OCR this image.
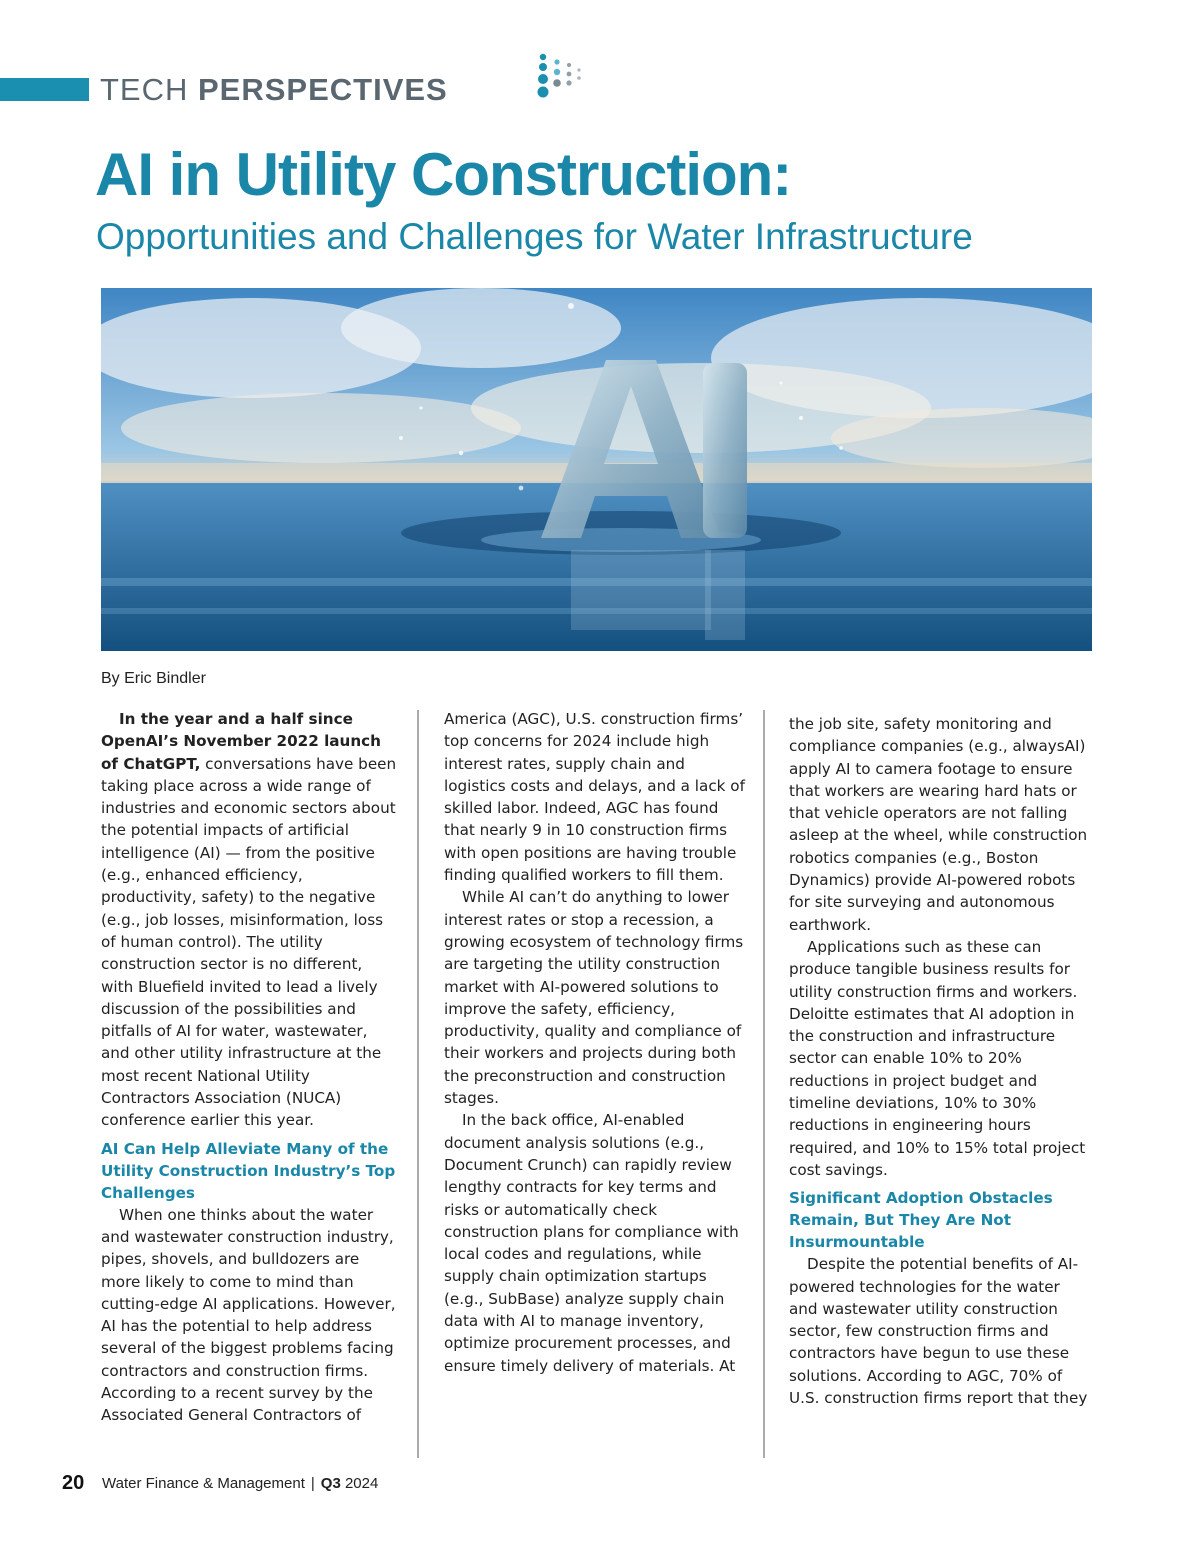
TECH PERSPECTIVES
AI in Utility Construction:
Opportunities and Challenges for Water Infrastructure
By Eric Bindler

In the year and a half since OpenAI’s November 2022 launch of ChatGPT, conversations have been taking place across a wide range of industries and economic sectors about the potential impacts of artificial intelligence (AI) — from the positive (e.g., enhanced efficiency, productivity, safety) to the negative (e.g., job losses, misinformation, loss of human control). The utility construction sector is no different, with Bluefield invited to lead a lively discussion of the possibilities and pitfalls of AI for water, wastewater, and other utility infrastructure at the most recent National Utility Contractors Association (NUCA) conference earlier this year.

AI Can Help Alleviate Many of the Utility Construction Industry’s Top Challenges

When one thinks about the water and wastewater construction industry, pipes, shovels, and bulldozers are more likely to come to mind than cutting-edge AI applications. However, AI has the potential to help address several of the biggest problems facing contractors and construction firms. According to a recent survey by the Associated General Contractors of

America (AGC), U.S. construction firms’ top concerns for 2024 include high interest rates, supply chain and logistics costs and delays, and a lack of skilled labor. Indeed, AGC has found that nearly 9 in 10 construction firms with open positions are having trouble finding qualified workers to fill them.

While AI can’t do anything to lower interest rates or stop a recession, a growing ecosystem of technology firms are targeting the utility construction market with AI-powered solutions to improve the safety, efficiency, productivity, quality and compliance of their workers and projects during both the preconstruction and construction stages.

In the back office, AI-enabled document analysis solutions (e.g., Document Crunch) can rapidly review lengthy contracts for key terms and risks or automatically check construction plans for compliance with local codes and regulations, while supply chain optimization startups (e.g., SubBase) analyze supply chain data with AI to manage inventory, optimize procurement processes, and ensure timely delivery of materials. At

the job site, safety monitoring and compliance companies (e.g., alwaysAI) apply AI to camera footage to ensure that workers are wearing hard hats or that vehicle operators are not falling asleep at the wheel, while construction robotics companies (e.g., Boston Dynamics) provide AI-powered robots for site surveying and autonomous earthwork.

Applications such as these can produce tangible business results for utility construction firms and workers. Deloitte estimates that AI adoption in the construction and infrastructure sector can enable 10% to 20% reductions in project budget and timeline deviations, 10% to 30% reductions in engineering hours required, and 10% to 15% total project cost savings.

Significant Adoption Obstacles Remain, But They Are Not Insurmountable

Despite the potential benefits of AI-powered technologies for the water and wastewater utility construction sector, few construction firms and contractors have begun to use these solutions. According to AGC, 70% of U.S. construction firms report that they

20 Water Finance & Management | Q3 2024
